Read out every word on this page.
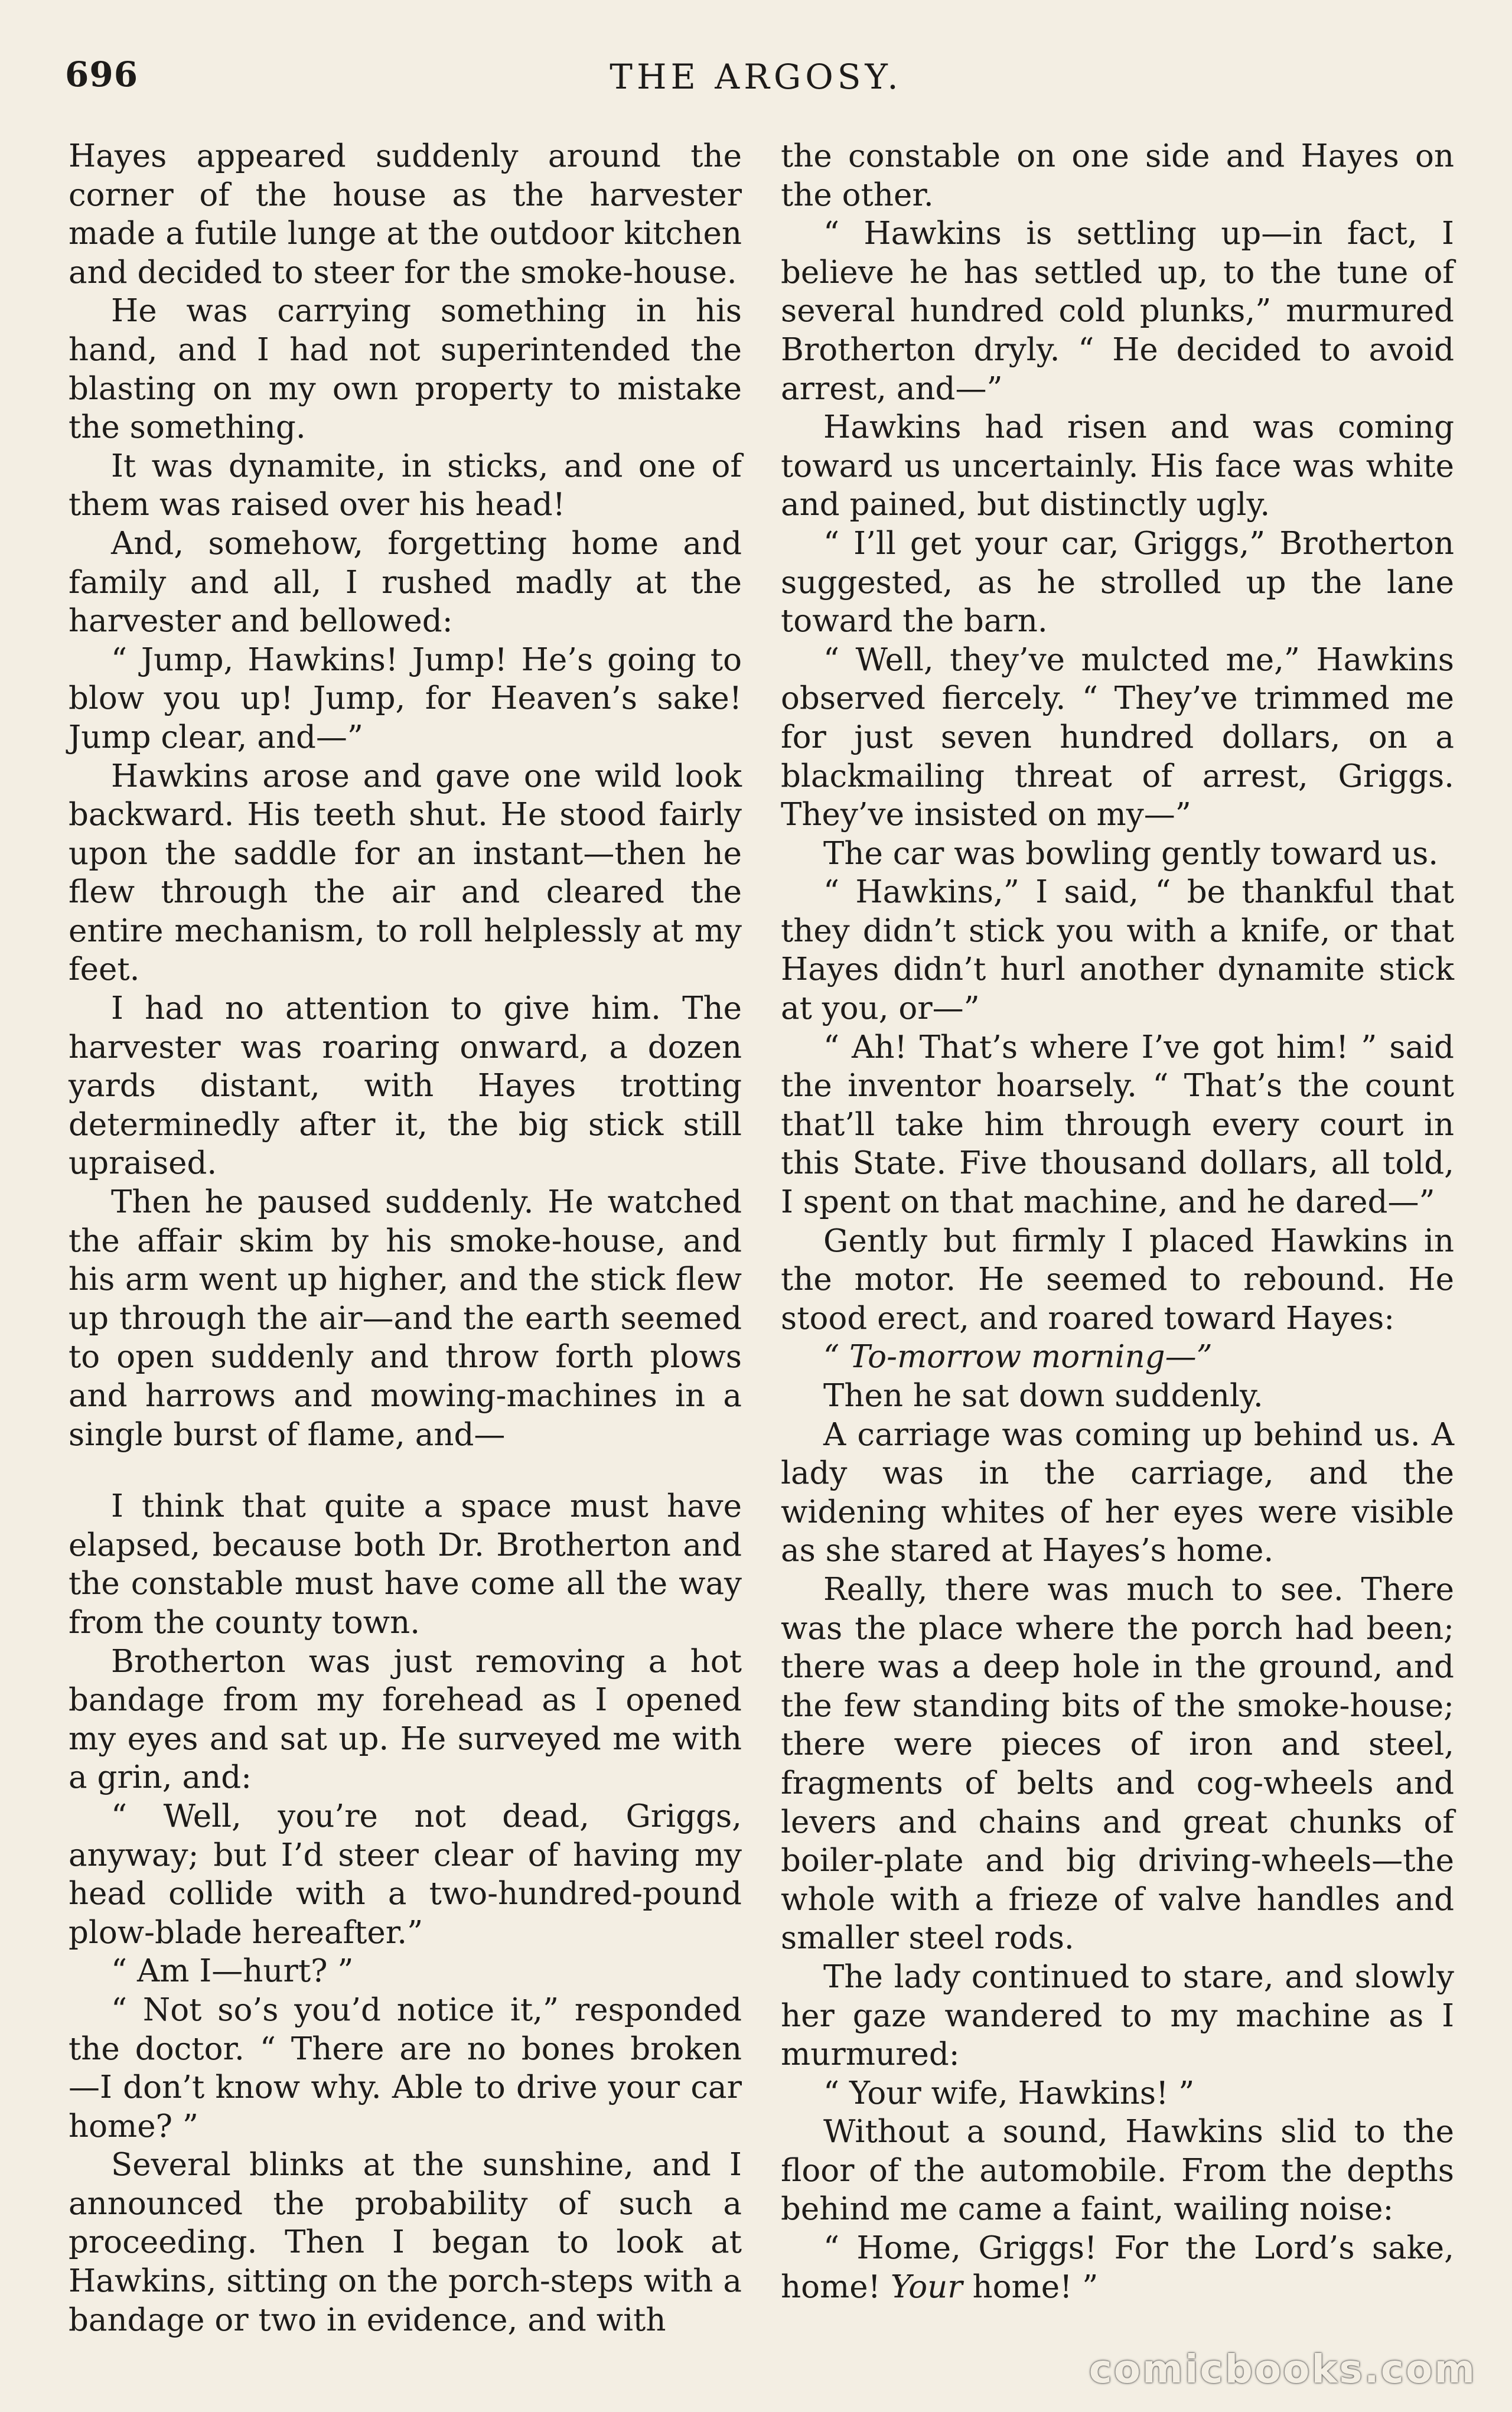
696	THE ARGOSY.

Hayes appeared suddenly around the corner of the house as the harvester made a futile lunge at the outdoor kitchen and decided to steer for the smoke-house.

He was carrying something in his hand, and I had not superintended the blasting on my own property to mistake the something.

It was dynamite, in sticks, and one of them was raised over his head!

And, somehow, forgetting home and family and all, I rushed madly at the harvester and bellowed:

“ Jump, Hawkins! Jump! He’s going to blow you up! Jump, for Heaven’s sake! Jump clear, and—”

Hawkins arose and gave one wild look backward. His teeth shut. He stood fairly upon the saddle for an instant—then he flew through the air and cleared the entire mechanism, to roll helplessly at my feet.

I had no attention to give him. The harvester was roaring onward, a dozen yards distant, with Hayes trotting determinedly after it, the big stick still upraised.

Then he paused suddenly. He watched the affair skim by his smoke-house, and his arm went up higher, and the stick flew up through the air—and the earth seemed to open suddenly and throw forth plows and harrows and mowing-machines in a single burst of flame, and—

I think that quite a space must have elapsed, because both Dr. Brotherton and the constable must have come all the way from the county town.

Brotherton was just removing a hot bandage from my forehead as I opened my eyes and sat up. He surveyed me with a grin, and:

“ Well, you’re not dead, Griggs, anyway; but I’d steer clear of having my head collide with a two-hundred-pound plow-blade hereafter.”

“ Am I—hurt? ”

“ Not so’s you’d notice it,” responded the doctor. “ There are no bones broken —I don’t know why. Able to drive your car home? ”

Several blinks at the sunshine, and I announced the probability of such a proceeding. Then I began to look at Hawkins, sitting on the porch-steps with a bandage or two in evidence, and with

the constable on one side and Hayes on the other.

“ Hawkins is settling up—in fact, I believe he has settled up, to the tune of several hundred cold plunks,” murmured Brotherton dryly. “ He decided to avoid arrest, and—”

Hawkins had risen and was coming toward us uncertainly. His face was white and pained, but distinctly ugly.

“ I’ll get your car, Griggs,” Brotherton suggested, as he strolled up the lane toward the barn.

“ Well, they’ve mulcted me,” Hawkins observed fiercely. “ They’ve trimmed me for just seven hundred dollars, on a blackmailing threat of arrest, Griggs. They’ve insisted on my—”

The car was bowling gently toward us.

“ Hawkins,” I said, “ be thankful that they didn’t stick you with a knife, or that Hayes didn’t hurl another dynamite stick at you, or—”

“ Ah! That’s where I’ve got him! ” said the inventor hoarsely. “ That’s the count that’ll take him through every court in this State. Five thousand dollars, all told, I spent on that machine, and he dared—”

Gently but firmly I placed Hawkins in the motor. He seemed to rebound. He stood erect, and roared toward Hayes:

“ To-morrow morning—”

Then he sat down suddenly.

A carriage was coming up behind us. A lady was in the carriage, and the widening whites of her eyes were visible as she stared at Hayes’s home.

Really, there was much to see. There was the place where the porch had been; there was a deep hole in the ground, and the few standing bits of the smoke-house; there were pieces of iron and steel, fragments of belts and cog-wheels and levers and chains and great chunks of boiler-plate and big driving-wheels—the whole with a frieze of valve handles and smaller steel rods.

The lady continued to stare, and slowly her gaze wandered to my machine as I murmured:

“ Your wife, Hawkins! ”

Without a sound, Hawkins slid to the floor of the automobile. From the depths behind me came a faint, wailing noise:

“ Home, Griggs! For the Lord’s sake, home! Your home! ”

comicbooks.com
